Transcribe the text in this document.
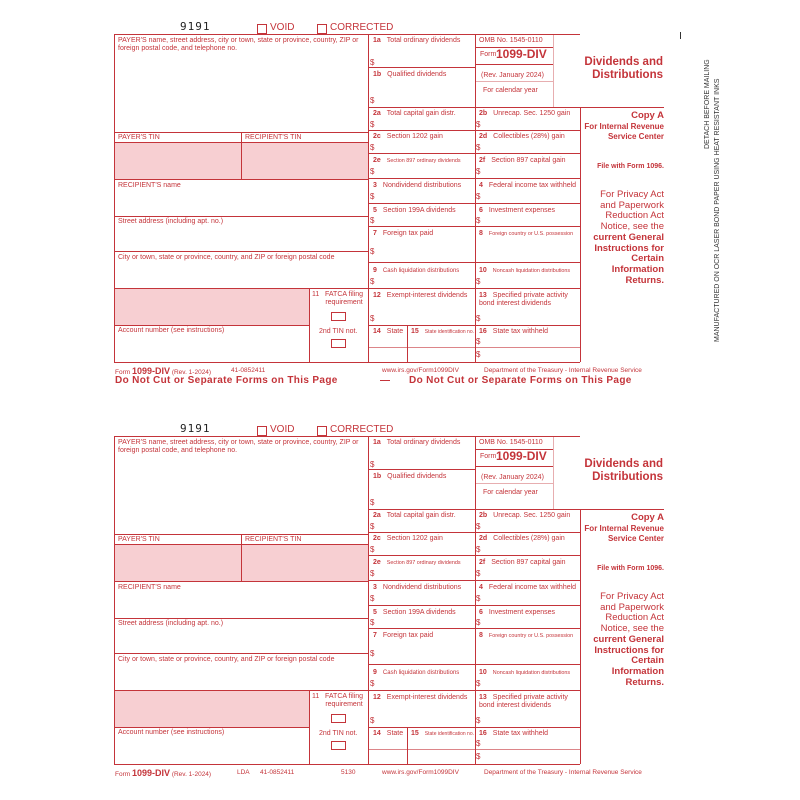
9191	VOID	CORRECTED
PAYER'S name, street address, city or town, state or province, country, ZIP or foreign postal code, and telephone no.
PAYER'S TIN	RECIPIENT'S TIN
RECIPIENT'S name
Street address (including apt. no.)
City or town, state or province, country, and ZIP or foreign postal code
11 FATCA filing requirement
Account number (see instructions)	2nd TIN not.
1a Total ordinary dividends
$
1b Qualified dividends
$
OMB No. 1545-0110
Form 1099-DIV
(Rev. January 2024)
For calendar year
Dividends and Distributions
2a Total capital gain distr.
$
2b Unrecap. Sec. 1250 gain
$
2c Section 1202 gain
$
2d Collectibles (28%) gain
$
2e Section 897 ordinary dividends
$
2f Section 897 capital gain
$
3 Nondividend distributions
$
4 Federal income tax withheld
$
5 Section 199A dividends
$
6 Investment expenses
$
7 Foreign tax paid
$
8 Foreign country or U.S. possession
9 Cash liquidation distributions
$
10 Noncash liquidation distributions
$
12 Exempt-interest dividends
$
13 Specified private activity bond interest dividends
$
14 State 15 State identification no. 16 State tax withheld
$
$
Copy A
For Internal Revenue Service Center
File with Form 1096.
For Privacy Act and Paperwork Reduction Act Notice, see the current General Instructions for Certain Information Returns.
Form 1099-DIV (Rev. 1-2024)	41-0852411	www.irs.gov/Form1099DIV	Department of the Treasury - Internal Revenue Service
Do Not Cut or Separate Forms on This Page	— Do Not Cut or Separate Forms on This Page
9191	VOID	CORRECTED
PAYER'S name, street address, city or town, state or province, country, ZIP or foreign postal code, and telephone no.
PAYER'S TIN	RECIPIENT'S TIN
RECIPIENT'S name
Street address (including apt. no.)
City or town, state or province, country, and ZIP or foreign postal code
11 FATCA filing requirement
Account number (see instructions)	2nd TIN not.
1a Total ordinary dividends
$
1b Qualified dividends
$
OMB No. 1545-0110
Form 1099-DIV
(Rev. January 2024)
For calendar year
Dividends and Distributions
2a Total capital gain distr.
$
2b Unrecap. Sec. 1250 gain
$
2c Section 1202 gain
$
2d Collectibles (28%) gain
$
2e Section 897 ordinary dividends
$
2f Section 897 capital gain
$
3 Nondividend distributions
$
4 Federal income tax withheld
$
5 Section 199A dividends
$
6 Investment expenses
$
7 Foreign tax paid
$
8 Foreign country or U.S. possession
9 Cash liquidation distributions
$
10 Noncash liquidation distributions
$
12 Exempt-interest dividends
$
13 Specified private activity bond interest dividends
$
14 State 15 State identification no. 16 State tax withheld
$
$
Copy A
For Internal Revenue Service Center
File with Form 1096.
For Privacy Act and Paperwork Reduction Act Notice, see the current General Instructions for Certain Information Returns.
Form 1099-DIV (Rev. 1-2024)	LDA 41-0852411	5130	www.irs.gov/Form1099DIV	Department of the Treasury - Internal Revenue Service
DETACH BEFORE MAILING MANUFACTURED ON OCR LASER BOND PAPER USING HEAT RESISTANT INKS
